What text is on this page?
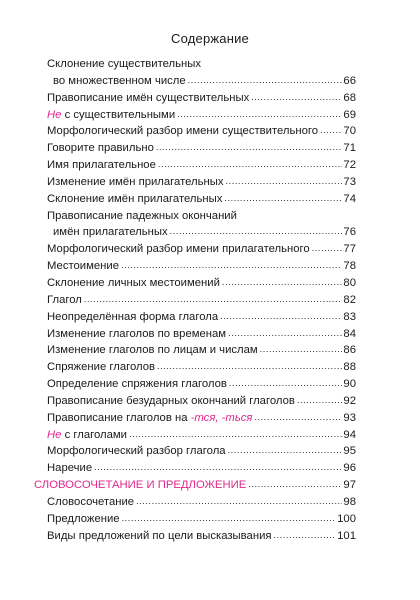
Содержание
Склонение существительных
во множественном числе .....	66
Правописание имён существительных .....	68
Не с существительными .....	69
Морфологический разбор имени существительного ..... 70
Говорите правильно .....	71
Имя прилагательное .....	72
Изменение имён прилагательных .....	73
Склонение имён прилагательных .....	74
Правописание падежных окончаний
имён прилагательных .....	76
Морфологический разбор имени прилагательного .....	77
Местоимение .....	78
Склонение личных местоимений .....	80
Глагол .....	82
Неопределённая форма глагола .....	83
Изменение глаголов по временам .....	84
Изменение глаголов по лицам и числам .....	86
Спряжение глаголов .....	88
Определение спряжения глаголов .....	90
Правописание безударных окончаний глаголов .....	92
Правописание глаголов на -тся, -ться .....	93
Не с глаголами .....	94
Морфологический разбор глагола .....	95
Наречие .....	96
СЛОВОСОЧЕТАНИЕ И ПРЕДЛОЖЕНИЕ .....	97
Словосочетание .....	98
Предложение .....	100
Виды предложений по цели высказывания .....	101
